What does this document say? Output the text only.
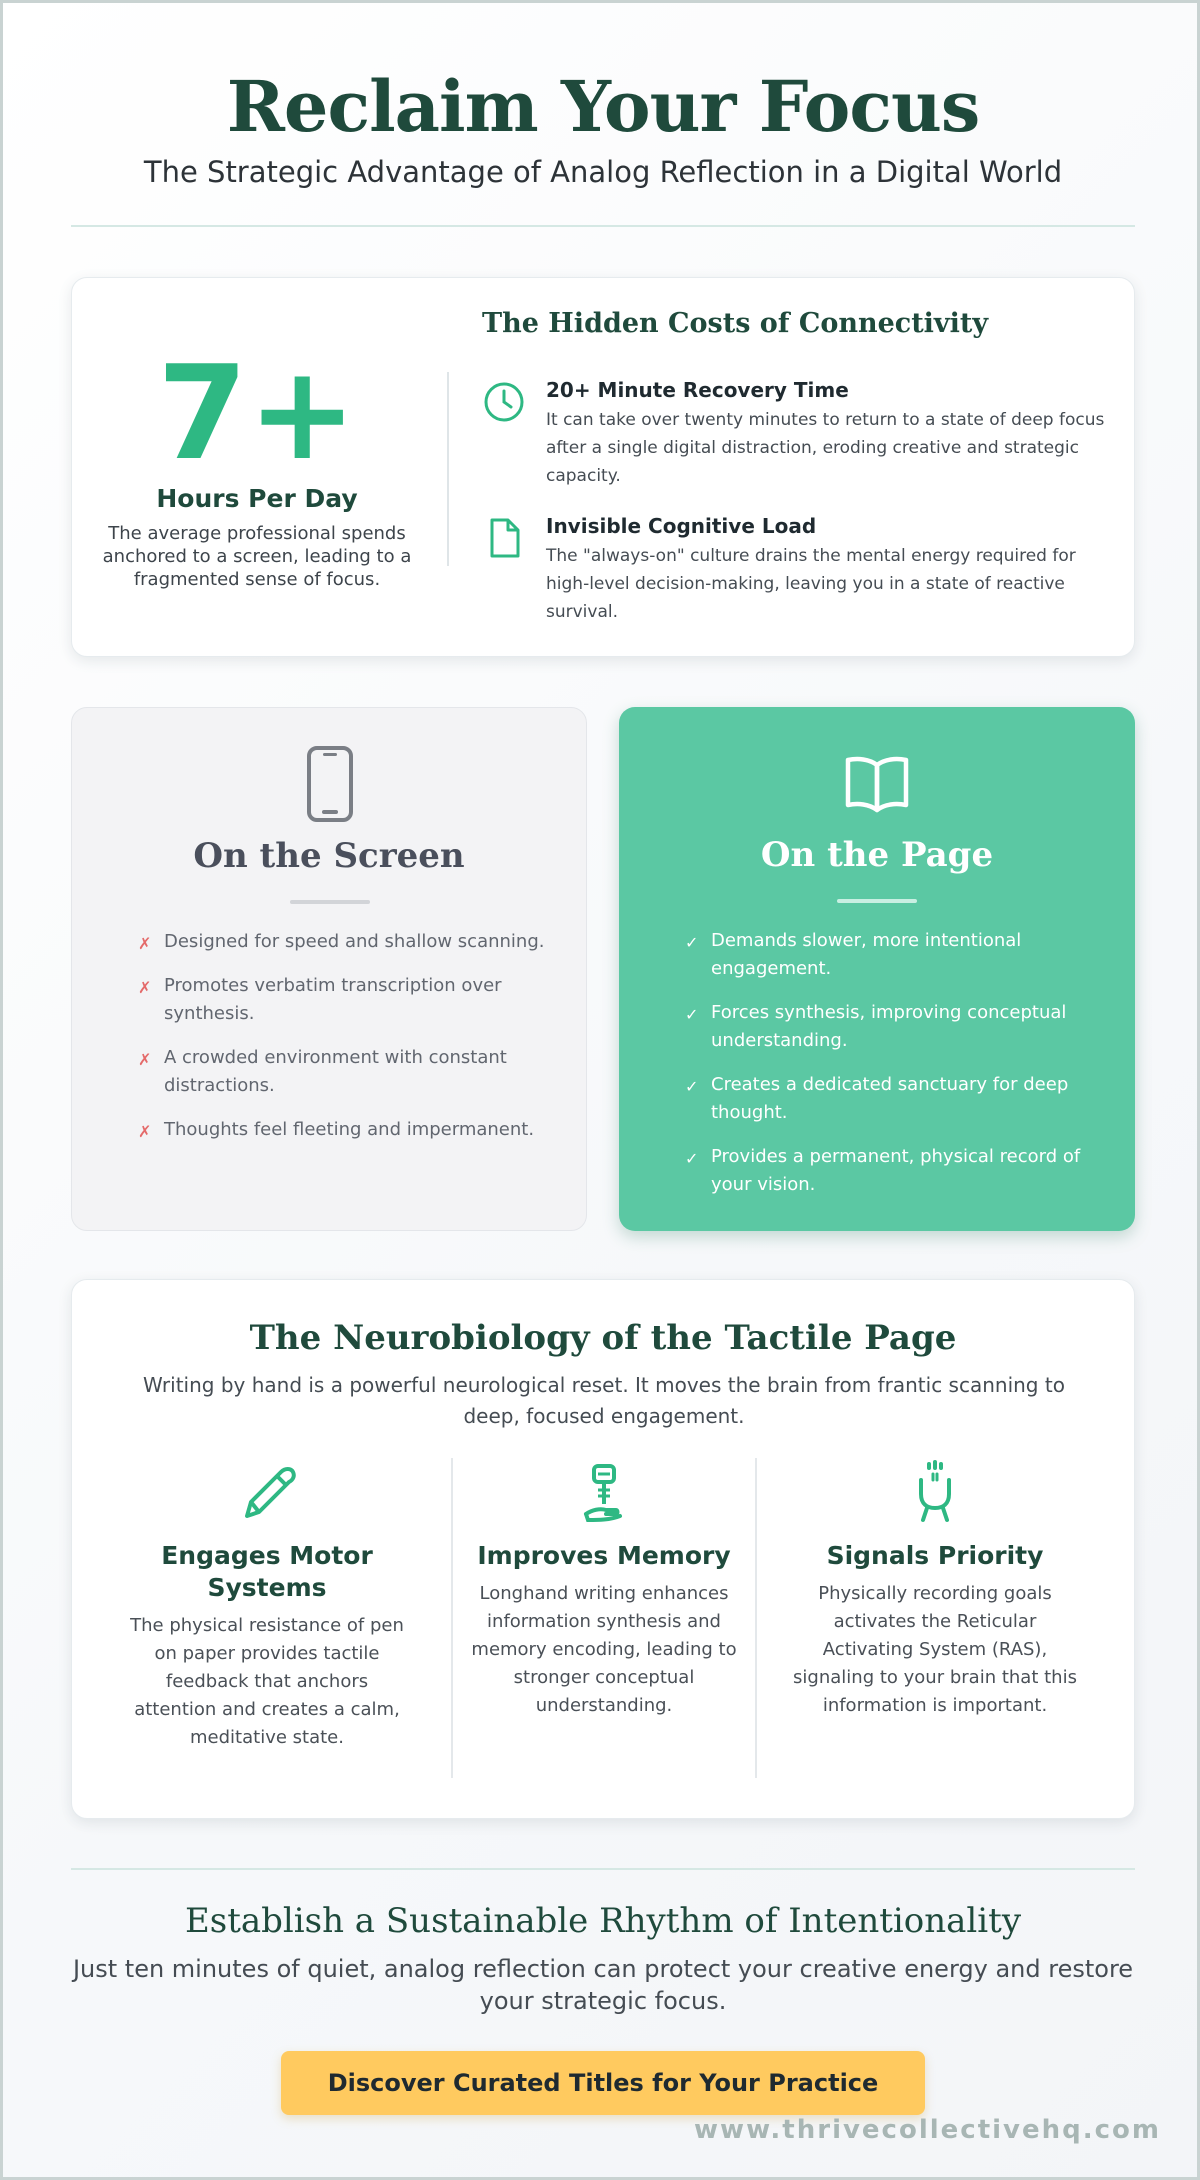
Reclaim Your Focus
The Strategic Advantage of Analog Reflection in a Digital World
7+
Hours Per Day
The average professional spends anchored to a screen, leading to a fragmented sense of focus.
The Hidden Costs of Connectivity
20+ Minute Recovery Time

It can take over twenty minutes to return to a state of deep focus after a single digital distraction, eroding creative and strategic capacity.

Invisible Cognitive Load

The "always-on" culture drains the mental energy required for high-level decision-making, leaving you in a state of reactive survival.

On the Screen
✗ Designed for speed and shallow scanning.
✗ Promotes verbatim transcription over synthesis.
✗ A crowded environment with constant distractions.
✗ Thoughts feel fleeting and impermanent.
On the Page
✓ Demands slower, more intentional engagement.
✓ Forces synthesis, improving conceptual understanding.
✓ Creates a dedicated sanctuary for deep thought.
✓ Provides a permanent, physical record of your vision.
The Neurobiology of the Tactile Page
Writing by hand is a powerful neurological reset. It moves the brain from frantic scanning to deep, focused engagement.
Engages Motor Systems

The physical resistance of pen on paper provides tactile feedback that anchors attention and creates a calm, meditative state.

Improves Memory

Longhand writing enhances information synthesis and memory encoding, leading to stronger conceptual understanding.

Signals Priority

Physically recording goals activates the Reticular Activating System (RAS), signaling to your brain that this information is important.

Establish a Sustainable Rhythm of Intentionality
Just ten minutes of quiet, analog reflection can protect your creative energy and restore your strategic focus.
Discover Curated Titles for Your Practice
www.thrivecollectivehq.com
